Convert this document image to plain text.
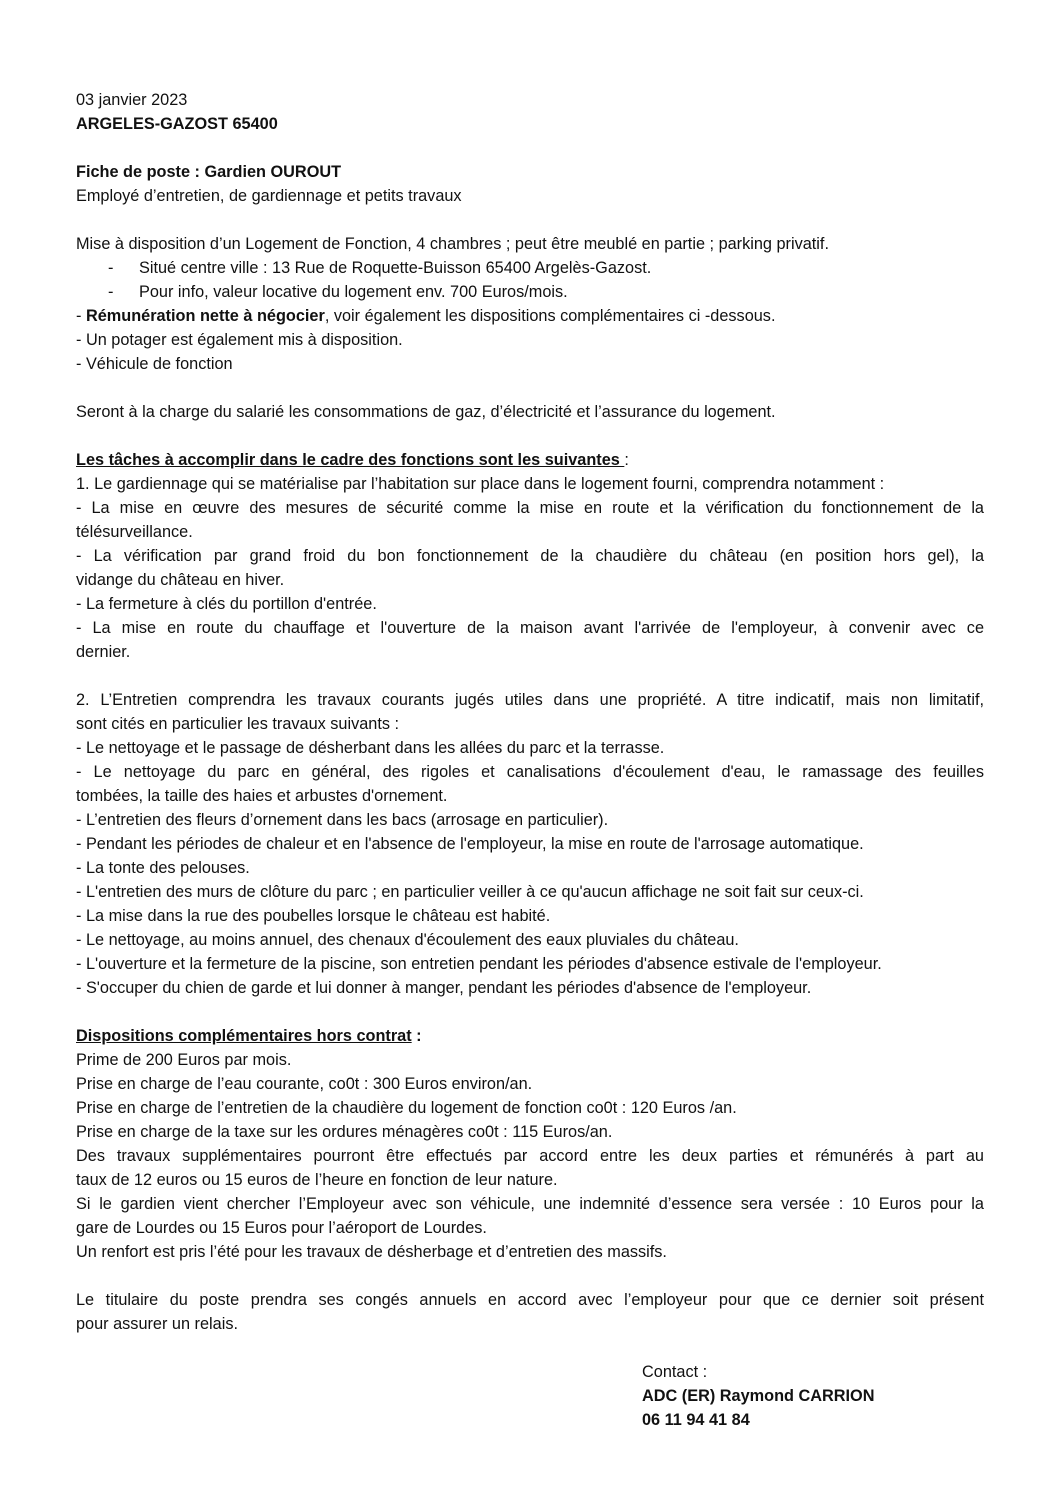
03 janvier 2023
ARGELES-GAZOST 65400
Fiche de poste : Gardien OUROUT
Employé d’entretien, de gardiennage et petits travaux
Mise à disposition d’un Logement de Fonction, 4 chambres ; peut être meublé en partie ; parking privatif.
-	Situé centre ville : 13 Rue de Roquette-Buisson 65400 Argelès-Gazost.
-	Pour info, valeur locative du logement env. 700 Euros/mois.
- Rémunération nette à négocier, voir également les dispositions complémentaires ci -dessous.
- Un potager est également mis à disposition.
- Véhicule de fonction
Seront à la charge du salarié les consommations de gaz, d’électricité et l’assurance du logement.
Les tâches à accomplir dans le cadre des fonctions sont les suivantes :
1. Le gardiennage qui se matérialise par l’habitation sur place dans le logement fourni, comprendra notamment :
- La mise en œuvre des mesures de sécurité comme la mise en route et la vérification du fonctionnement de la
télésurveillance.
- La vérification par grand froid du bon fonctionnement de la chaudière du château (en position hors gel), la
vidange du château en hiver.
- La fermeture à clés du portillon d'entrée.
- La mise en route du chauffage et l'ouverture de la maison avant l'arrivée de l'employeur, à convenir avec ce
dernier.
2. L’Entretien comprendra les travaux courants jugés utiles dans une propriété. A titre indicatif, mais non limitatif,
sont cités en particulier les travaux suivants :
- Le nettoyage et le passage de désherbant dans les allées du parc et la terrasse.
- Le nettoyage du parc en général, des rigoles et canalisations d'écoulement d'eau, le ramassage des feuilles
tombées, la taille des haies et arbustes d'ornement.
- L’entretien des fleurs d’ornement dans les bacs (arrosage en particulier).
- Pendant les périodes de chaleur et en l'absence de l'employeur, la mise en route de l'arrosage automatique.
- La tonte des pelouses.
- L'entretien des murs de clôture du parc ; en particulier veiller à ce qu'aucun affichage ne soit fait sur ceux-ci.
- La mise dans la rue des poubelles lorsque le château est habité.
- Le nettoyage, au moins annuel, des chenaux d'écoulement des eaux pluviales du château.
- L'ouverture et la fermeture de la piscine, son entretien pendant les périodes d'absence estivale de l'employeur.
- S'occuper du chien de garde et lui donner à manger, pendant les périodes d'absence de l'employeur.
Dispositions complémentaires hors contrat :
Prime de 200 Euros par mois.
Prise en charge de l’eau courante, co0t : 300 Euros environ/an.
Prise en charge de l’entretien de la chaudière du logement de fonction co0t : 120 Euros /an.
Prise en charge de la taxe sur les ordures ménagères co0t : 115 Euros/an.
Des travaux supplémentaires pourront être effectués par accord entre les deux parties et rémunérés à part au
taux de 12 euros ou 15 euros de l’heure en fonction de leur nature.
Si le gardien vient chercher l’Employeur avec son véhicule, une indemnité d’essence sera versée : 10 Euros pour la
gare de Lourdes ou 15 Euros pour l’aéroport de Lourdes.
Un renfort est pris l’été pour les travaux de désherbage et d’entretien des massifs.
Le titulaire du poste prendra ses congés annuels en accord avec l’employeur pour que ce dernier soit présent
pour assurer un relais.
Contact :
ADC (ER) Raymond CARRION
06 11 94 41 84
